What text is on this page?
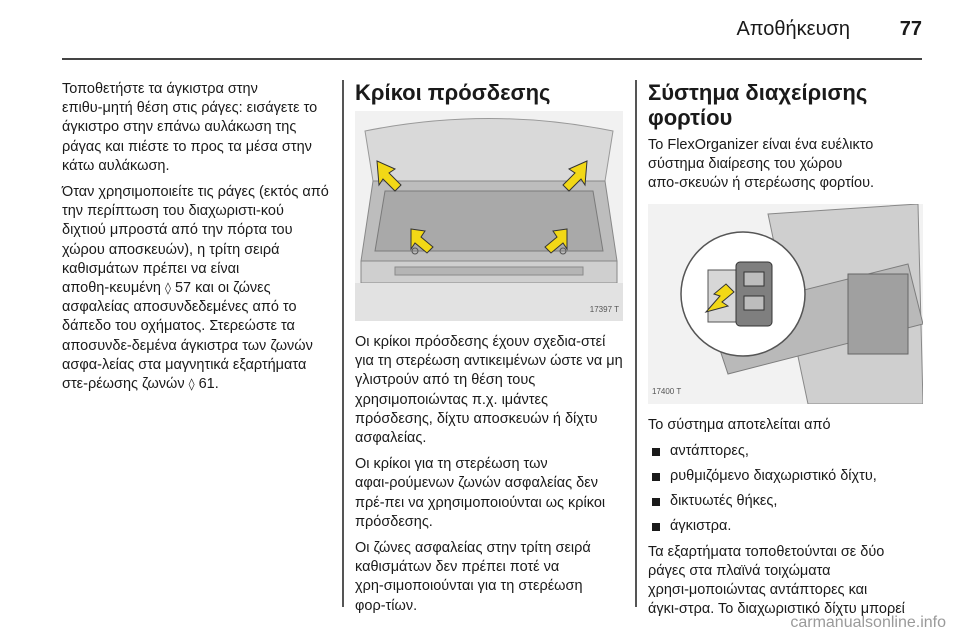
Αποθήκευση 77

Τοποθετήστε τα άγκιστρα στην επιθυ‑μητή θέση στις ράγες: εισάγετε το άγκιστρο στην επάνω αυλάκωση της ράγας και πιέστε το προς τα μέσα στην κάτω αυλάκωση.

Όταν χρησιμοποιείτε τις ράγες (εκτός από την περίπτωση του διαχωριστι‑κού διχτιού μπροστά από την πόρτα του χώρου αποσκευών), η τρίτη σειρά καθισμάτων πρέπει να είναι αποθη‑κευμένη ◊ 57 και οι ζώνες ασφαλείας αποσυνδεδεμένες από το δάπεδο του οχήματος. Στερεώστε τα αποσυνδε‑δεμένα άγκιστρα των ζωνών ασφα‑λείας στα μαγνητικά εξαρτήματα στε‑ρέωσης ζωνών ◊ 61.

Κρίκοι πρόσδεσης
17397 T

Οι κρίκοι πρόσδεσης έχουν σχεδια‑στεί για τη στερέωση αντικειμένων ώστε να μη γλιστρούν από τη θέση τους χρησιμοποιώντας π.χ. ιμάντες πρόσδεσης, δίχτυ αποσκευών ή δίχτυ ασφαλείας.

Οι κρίκοι για τη στερέωση των αφαι‑ρούμενων ζωνών ασφαλείας δεν πρέ‑πει να χρησιμοποιούνται ως κρίκοι πρόσδεσης.

Οι ζώνες ασφαλείας στην τρίτη σειρά καθισμάτων δεν πρέπει ποτέ να χρη‑σιμοποιούνται για τη στερέωση φορ‑τίων.

Σύστημα διαχείρισης φορτίου

Το FlexOrganizer είναι ένα ευέλικτο σύστημα διαίρεσης του χώρου απο‑σκευών ή στερέωσης φορτίου.

17400 T

Το σύστημα αποτελείται από

αντάπτορες,
ρυθμιζόμενο διαχωριστικό δίχτυ,
δικτυωτές θήκες,
άγκιστρα.

Τα εξαρτήματα τοποθετούνται σε δύο ράγες στα πλαϊνά τοιχώματα χρησι‑μοποιώντας αντάπτορες και άγκι‑στρα. Το διαχωριστικό δίχτυ μπορεί

carmanualsonline.info
